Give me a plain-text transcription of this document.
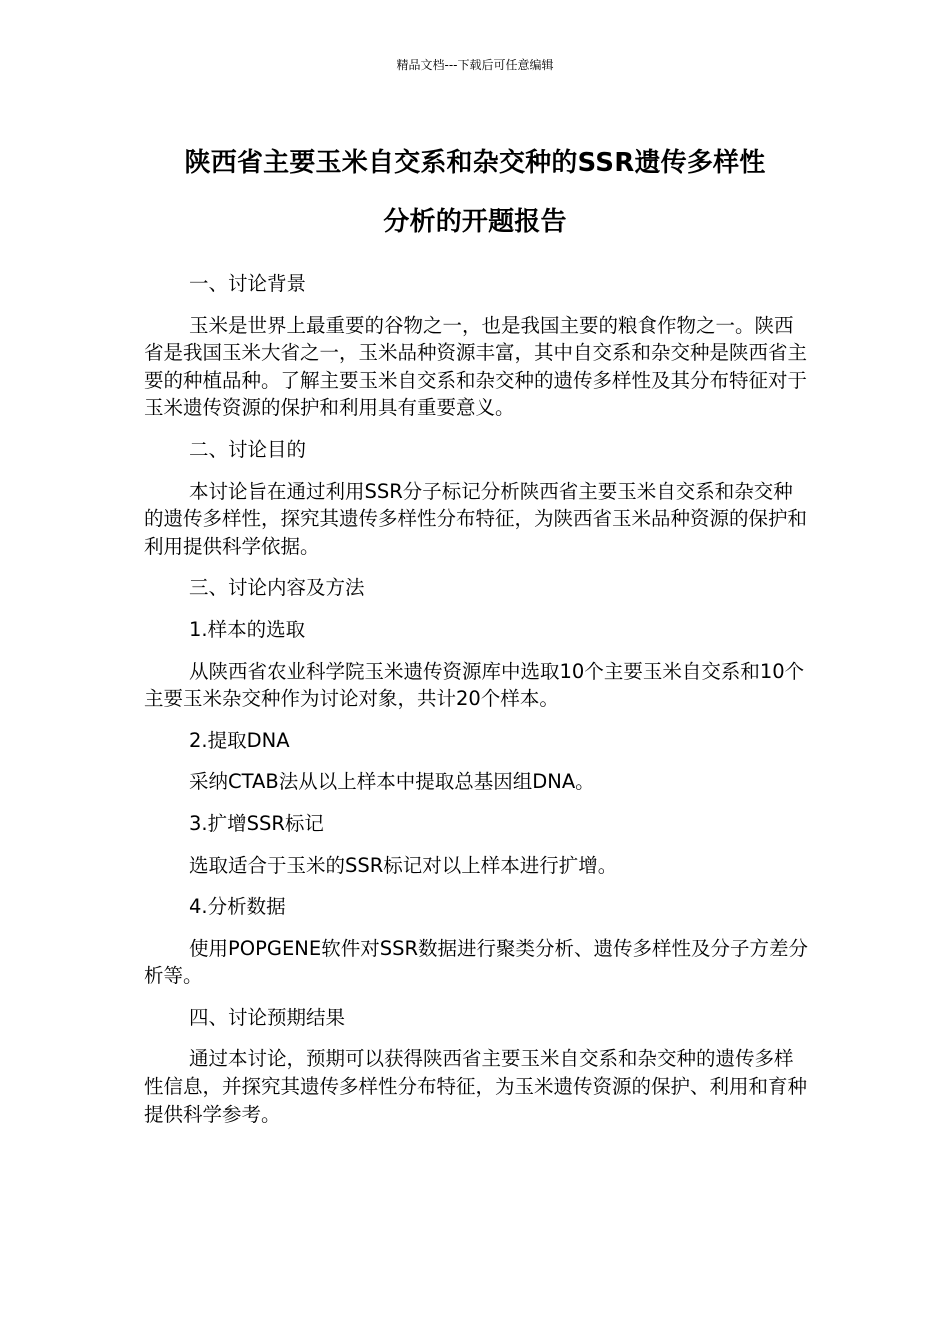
精品文档---下载后可任意编辑
陕西省主要玉米自交系和杂交种的SSR遗传多样性
分析的开题报告

一、讨论背景

玉米是世界上最重要的谷物之一，也是我国主要的粮食作物之一。陕西省是我国玉米大省之一，玉米品种资源丰富，其中自交系和杂交种是陕西省主要的种植品种。了解主要玉米自交系和杂交种的遗传多样性及其分布特征对于玉米遗传资源的保护和利用具有重要意义。

二、讨论目的

本讨论旨在通过利用SSR分子标记分析陕西省主要玉米自交系和杂交种的遗传多样性，探究其遗传多样性分布特征，为陕西省玉米品种资源的保护和利用提供科学依据。

三、讨论内容及方法

1.样本的选取

从陕西省农业科学院玉米遗传资源库中选取10个主要玉米自交系和10个主要玉米杂交种作为讨论对象，共计20个样本。

2.提取DNA

采纳CTAB法从以上样本中提取总基因组DNA。

3.扩增SSR标记

选取适合于玉米的SSR标记对以上样本进行扩增。

4.分析数据

使用POPGENE软件对SSR数据进行聚类分析、遗传多样性及分子方差分析等。

四、讨论预期结果

通过本讨论，预期可以获得陕西省主要玉米自交系和杂交种的遗传多样性信息，并探究其遗传多样性分布特征，为玉米遗传资源的保护、利用和育种提供科学参考。
